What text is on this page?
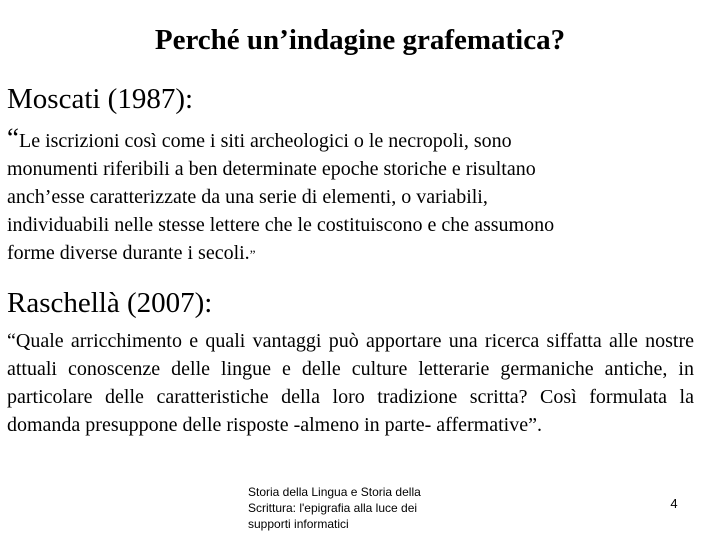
Perché un’indagine grafematica?

Moscati (1987):

“Le iscrizioni così come i siti archeologici o le necropoli, sono
monumenti riferibili a ben determinate epoche storiche e risultano
anch’esse caratterizzate da una serie di elementi, o variabili,
individuabili nelle stesse lettere che le costituiscono e che assumono
forme diverse durante i secoli.”

Raschellà (2007):

“Quale arricchimento e quali vantaggi può apportare una ricerca siffatta alle nostre attuali conoscenze delle lingue e delle culture letterarie germaniche antiche, in particolare delle caratteristiche della loro tradizione scritta? Così formulata la domanda presuppone delle risposte -almeno in parte- affermative”.

Storia della Lingua e Storia della
Scrittura: l'epigrafia alla luce dei
supporti informatici

4
